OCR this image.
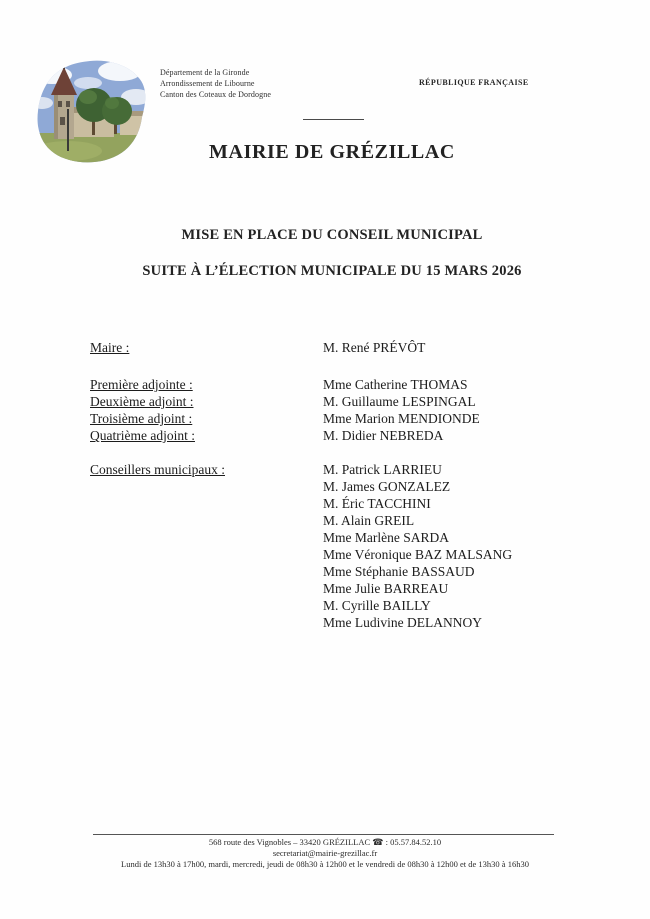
Département de la Gironde
Arrondissement de Libourne
Canton des Coteaux de Dordogne
RÉPUBLIQUE FRANÇAISE
MAIRIE DE GRÉZILLAC
MISE EN PLACE DU CONSEIL MUNICIPAL
SUITE À L’ÉLECTION MUNICIPALE DU 15 MARS 2026
Maire :	M. René PRÉVÔT
Première adjointe :	Mme Catherine THOMAS
Deuxième adjoint :	M. Guillaume LESPINGAL
Troisième adjoint :	Mme Marion MENDIONDE
Quatrième adjoint :	M. Didier NEBREDA
Conseillers municipaux :	M. Patrick LARRIEU
M. James GONZALEZ
M. Éric TACCHINI
M. Alain GREIL
Mme Marlène SARDA
Mme Véronique BAZ MALSANG
Mme Stéphanie BASSAUD
Mme Julie BARREAU
M. Cyrille BAILLY
Mme Ludivine DELANNOY
568 route des Vignobles – 33420 GRÉZILLAC ☎ : 05.57.84.52.10
secretariat@mairie-grezillac.fr
Lundi de 13h30 à 17h00, mardi, mercredi, jeudi de 08h30 à 12h00 et le vendredi de 08h30 à 12h00 et de 13h30 à 16h30
